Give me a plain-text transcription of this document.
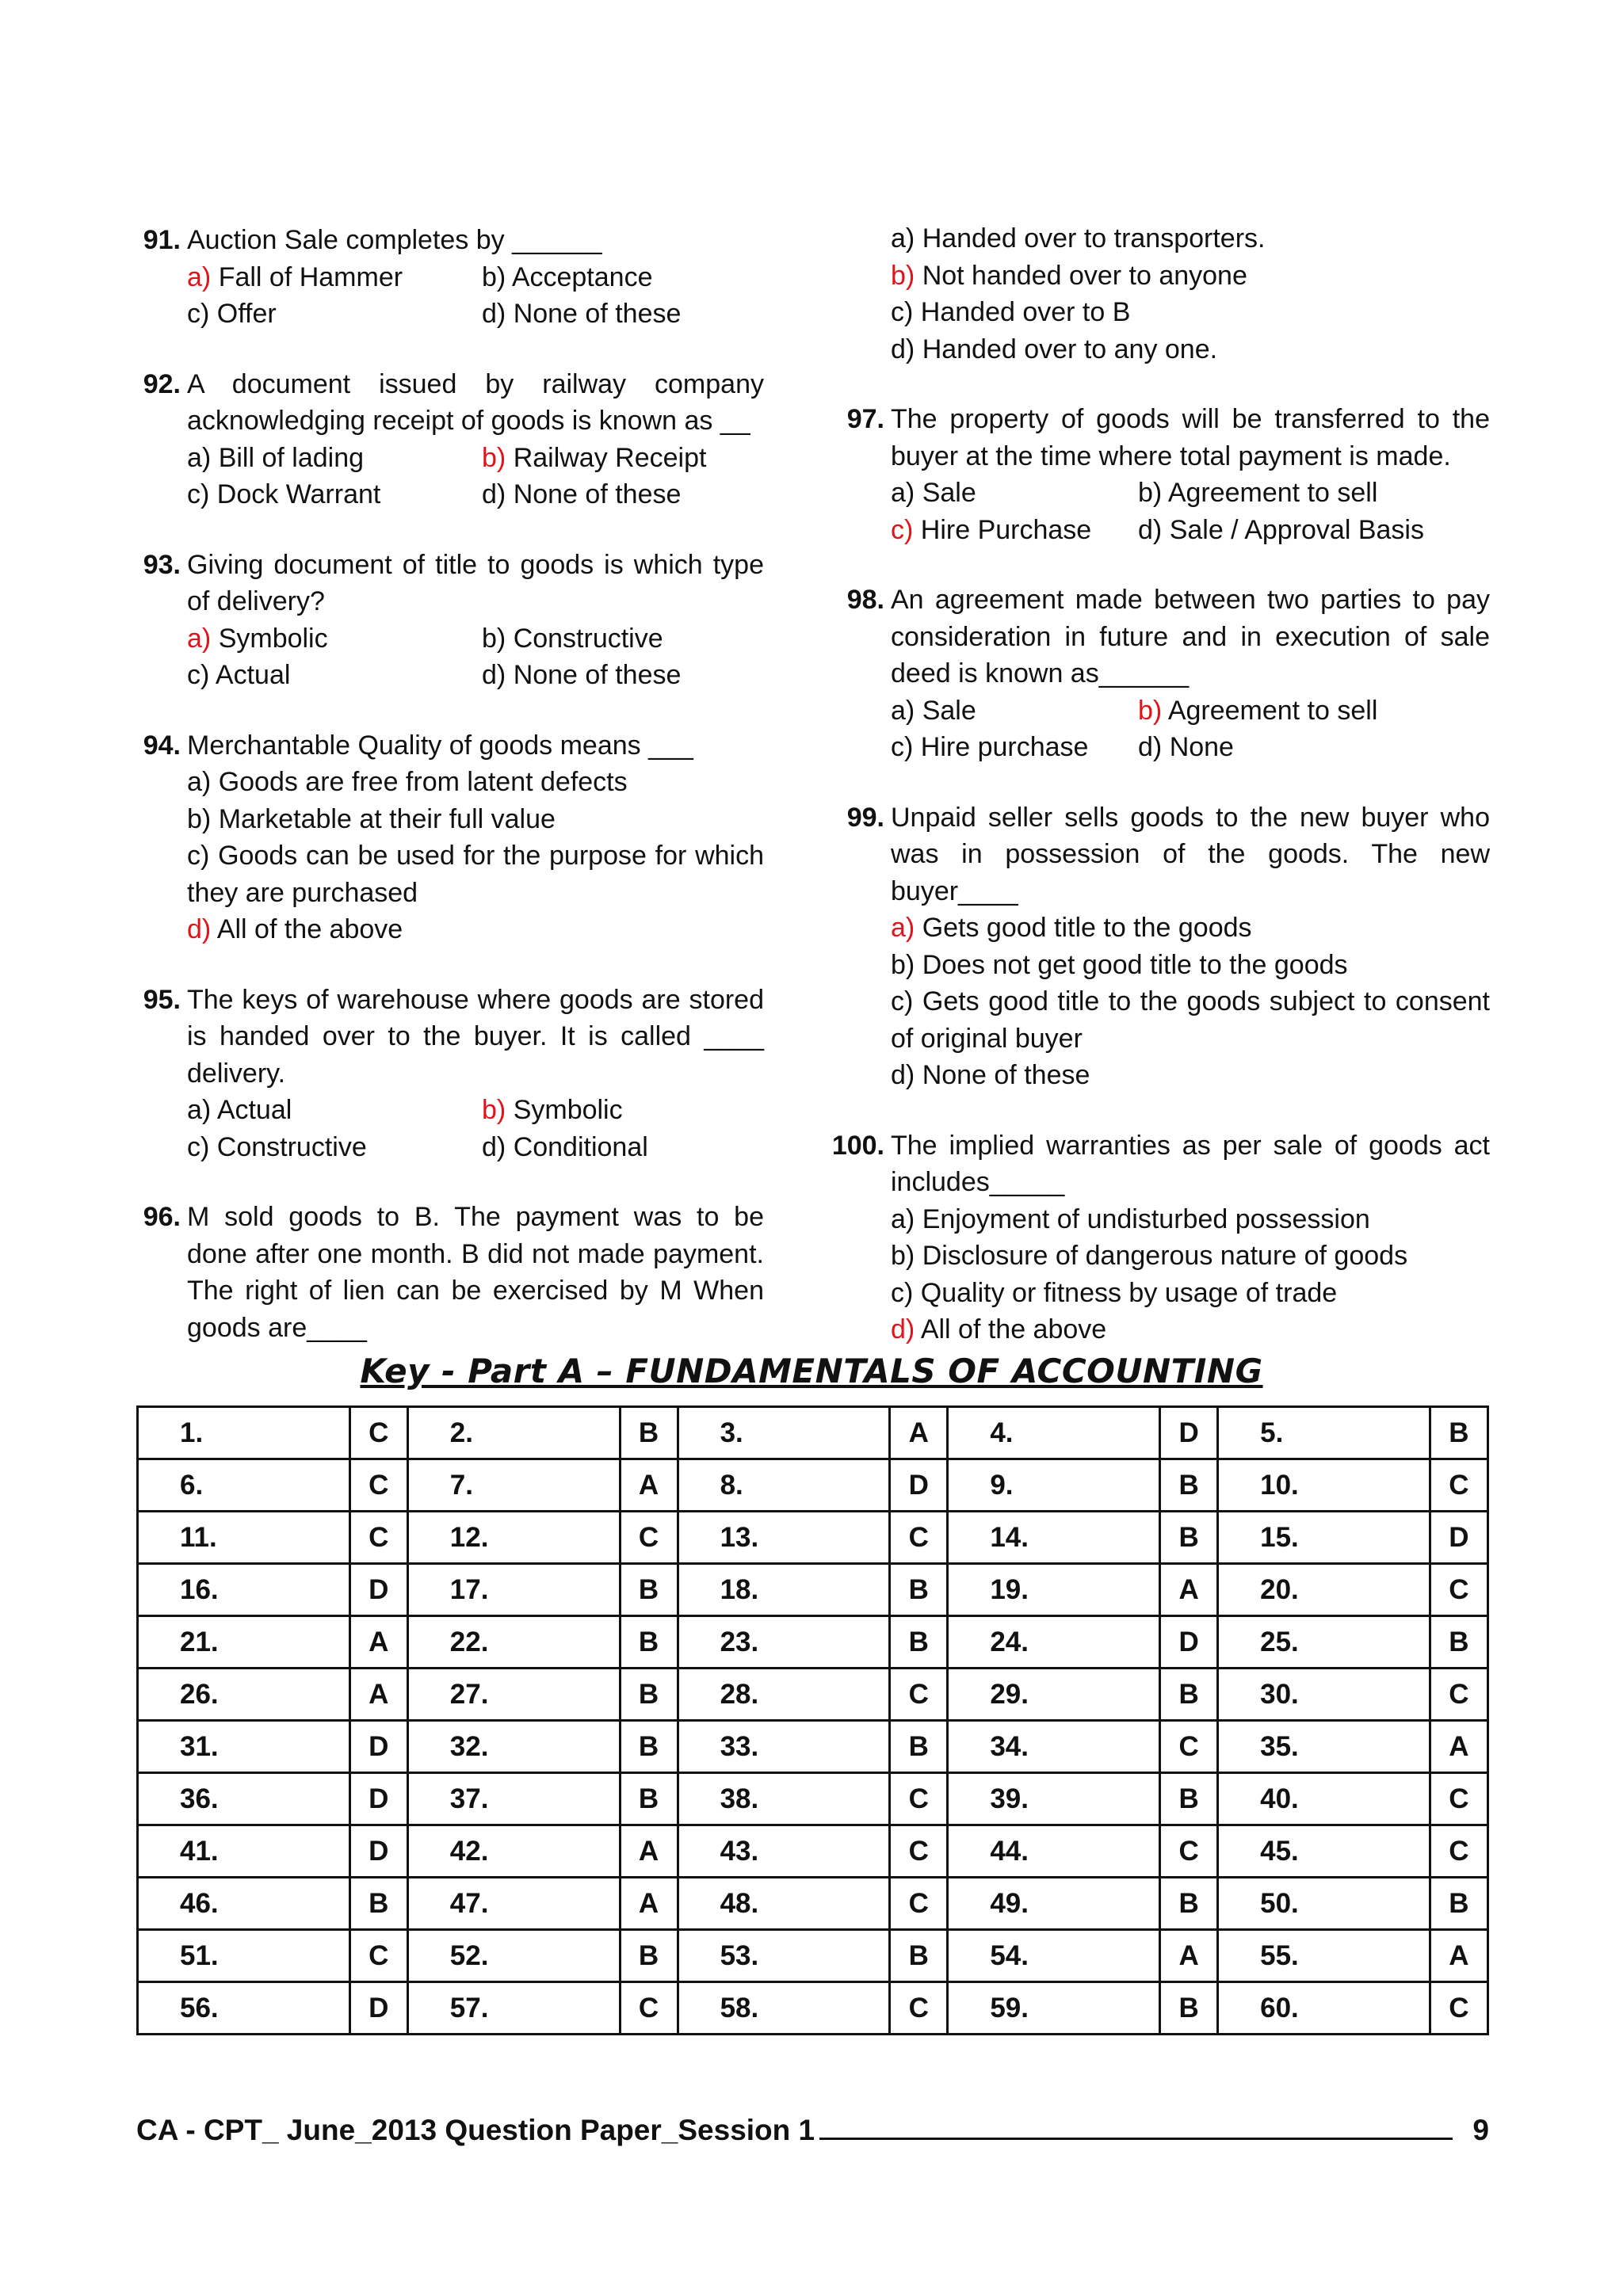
91. Auction Sale completes by ______
a) Fall of Hammer	b) Acceptance
c) Offer	d) None of these
92. A document issued by railway company acknowledging receipt of goods is known as __
a) Bill of lading	b) Railway Receipt
c) Dock Warrant	d) None of these
93. Giving document of title to goods is which type of delivery?
a) Symbolic	b) Constructive
c) Actual	d) None of these
94. Merchantable Quality of goods means ___
a) Goods are free from latent defects
b) Marketable at their full value
c) Goods can be used for the purpose for which they are purchased
d) All of the above
95. The keys of warehouse where goods are stored is handed over to the buyer. It is called ____ delivery.
a) Actual	b) Symbolic
c) Constructive	d) Conditional
96. M sold goods to B. The payment was to be done after one month. B did not made payment. The right of lien can be exercised by M When goods are____
a) Handed over to transporters.
b) Not handed over to anyone
c) Handed over to B
d) Handed over to any one.
97. The property of goods will be transferred to the buyer at the time where total payment is made.
a) Sale	b) Agreement to sell
c) Hire Purchase	d) Sale / Approval Basis
98. An agreement made between two parties to pay consideration in future and in execution of sale deed is known as______
a) Sale	b) Agreement to sell
c) Hire purchase	d) None
99. Unpaid seller sells goods to the new buyer who was in possession of the goods. The new buyer____
a) Gets good title to the goods
b) Does not get good title to the goods
c) Gets good title to the goods subject to consent of original buyer
d) None of these
100. The implied warranties as per sale of goods act includes_____
a) Enjoyment of undisturbed possession
b) Disclosure of dangerous nature of goods
c) Quality or fitness by usage of trade
d) All of the above
Key - Part A – FUNDAMENTALS OF ACCOUNTING
1.	C	2.	B	3.	A	4.	D	5.	B
6.	C	7.	A	8.	D	9.	B	10.	C
11.	C	12.	C	13.	C	14.	B	15.	D
16.	D	17.	B	18.	B	19.	A	20.	C
21.	A	22.	B	23.	B	24.	D	25.	B
26.	A	27.	B	28.	C	29.	B	30.	C
31.	D	32.	B	33.	B	34.	C	35.	A
36.	D	37.	B	38.	C	39.	B	40.	C
41.	D	42.	A	43.	C	44.	C	45.	C
46.	B	47.	A	48.	C	49.	B	50.	B
51.	C	52.	B	53.	B	54.	A	55.	A
56.	D	57.	C	58.	C	59.	B	60.	C
CA - CPT_ June_2013 Question Paper_Session 1	9
